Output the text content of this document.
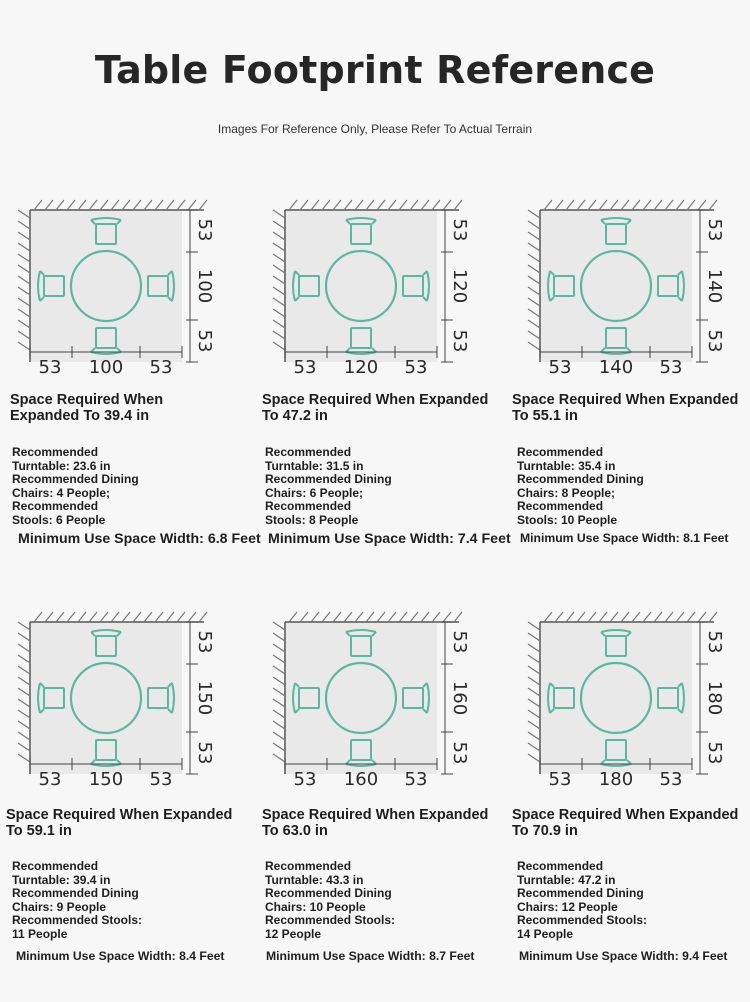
Table Footprint Reference
Images For Reference Only, Please Refer To Actual Terrain
53
100
53
53 100 53
Space Required When
Expanded To 39.4 in
Recommended
Turntable: 23.6 in
Recommended Dining
Chairs: 4 People;
Recommended
Stools: 6 People
Minimum Use Space Width: 6.8 Feet
53
120
53
53 120 53
Space Required When Expanded
To 47.2 in
Recommended
Turntable: 31.5 in
Recommended Dining
Chairs: 6 People;
Recommended
Stools: 8 People
Minimum Use Space Width: 7.4 Feet
53
140
53
53 140 53
Space Required When Expanded
To 55.1 in
Recommended
Turntable: 35.4 in
Recommended Dining
Chairs: 8 People;
Recommended
Stools: 10 People
Minimum Use Space Width: 8.1 Feet
53
150
53
53 150 53
Space Required When Expanded
To 59.1 in
Recommended
Turntable: 39.4 in
Recommended Dining
Chairs: 9 People
Recommended Stools:
11 People
Minimum Use Space Width: 8.4 Feet
53
160
53
53 160 53
Space Required When Expanded
To 63.0 in
Recommended
Turntable: 43.3 in
Recommended Dining
Chairs: 10 People
Recommended Stools:
12 People
Minimum Use Space Width: 8.7 Feet
53
180
53
53 180 53
Space Required When Expanded
To 70.9 in
Recommended
Turntable: 47.2 in
Recommended Dining
Chairs: 12 People
Recommended Stools:
14 People
Minimum Use Space Width: 9.4 Feet
